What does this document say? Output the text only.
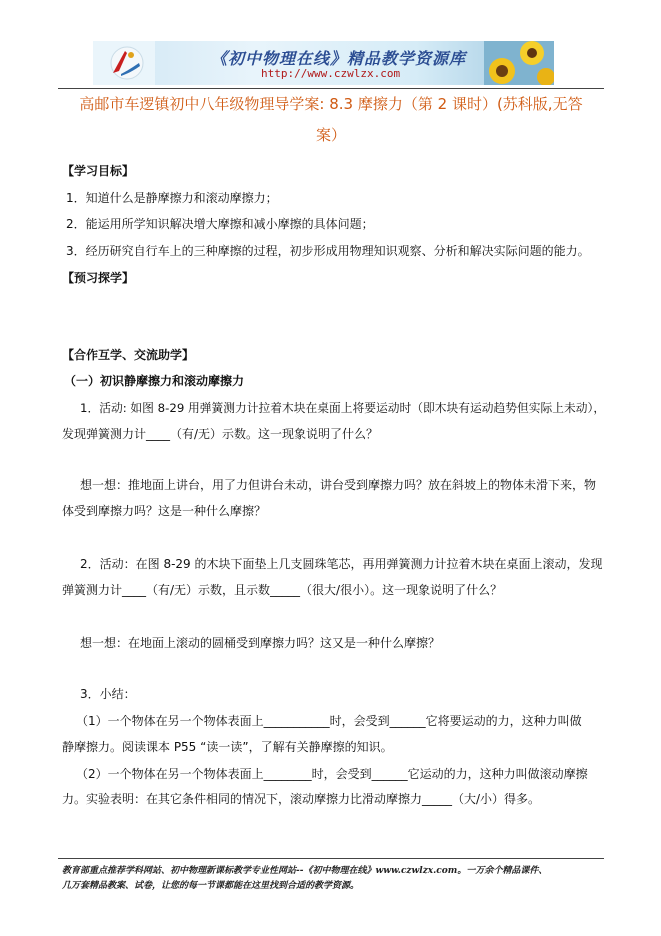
《初中物理在线》精品教学资源库
http://www.czwlzx.com
高邮市车逻镇初中八年级物理导学案: 8.3 摩擦力（第 2 课时）(苏科版,无答
案）
【学习目标】
1．知道什么是静摩擦力和滚动摩擦力；
2．能运用所学知识解决增大摩擦和减小摩擦的具体问题；
3．经历研究自行车上的三种摩擦的过程，初步形成用物理知识观察、分析和解决实际问题的能力。
【预习探学】
【合作互学、交流助学】
（一）初识静摩擦力和滚动摩擦力
1．活动: 如图 8-29 用弹簧测力计拉着木块在桌面上将要运动时（即木块有运动趋势但实际上未动），
发现弹簧测力计____（有/无）示数。这一现象说明了什么？
想一想：推地面上讲台，用了力但讲台未动，讲台受到摩擦力吗？放在斜坡上的物体未滑下来，物
体受到摩擦力吗？这是一种什么摩擦？
2．活动：在图 8-29 的木块下面垫上几支圆珠笔芯，再用弹簧测力计拉着木块在桌面上滚动，发现
弹簧测力计____（有/无）示数，且示数_____（很大/很小）。这一现象说明了什么？
想一想：在地面上滚动的圆桶受到摩擦力吗？这又是一种什么摩擦？
3．小结：
（1）一个物体在另一个物体表面上___________时，会受到______它将要运动的力，这种力叫做
静摩擦力。阅读课本 P55 “读一读”，了解有关静摩擦的知识。
（2）一个物体在另一个物体表面上________时，会受到______它运动的力，这种力叫做滚动摩擦
力。实验表明：在其它条件相同的情况下，滚动摩擦力比滑动摩擦力_____（大/小）得多。
教育部重点推荐学科网站、初中物理新课标教学专业性网站--《初中物理在线》www.czwlzx.com。一万余个精品课件、
几万套精品教案、试卷，让您的每一节课都能在这里找到合适的教学资源。
